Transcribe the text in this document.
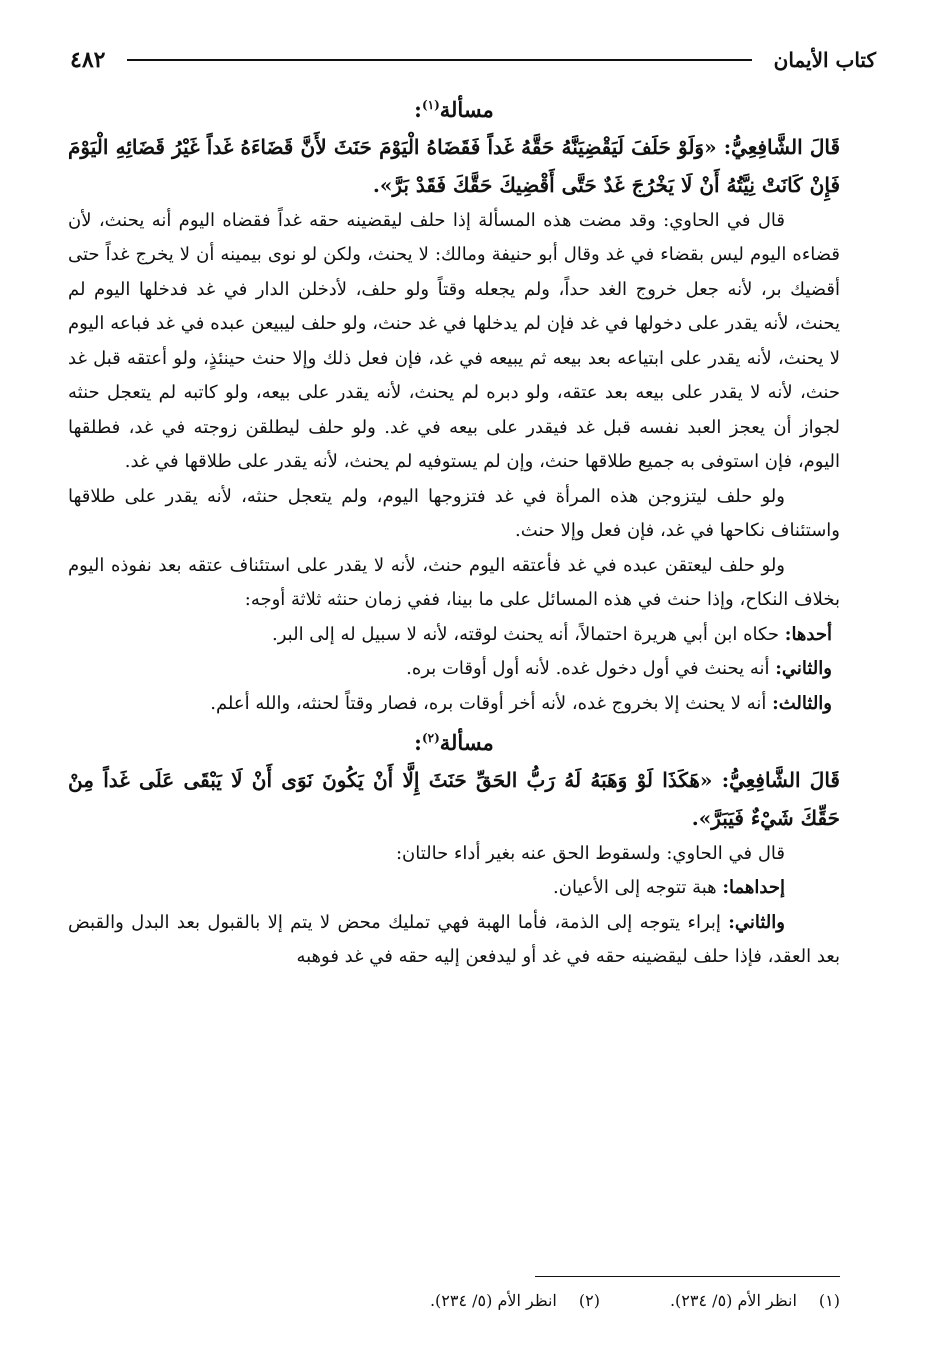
٤٨٢	كتاب الأيمان

مسألة$^{(١)}$:

قَالَ الشَّافِعِيُّ: «وَلَوْ حَلَفَ لَيَقْضِيَنَّهُ حَقَّهُ غَداً فَقَضَاهُ الْيَوْمَ حَنَثَ لأَنَّ قَضَاءَهُ غَداً غَيْرُ قَضَائِهِ الْيَوْمَ فَإِنْ كَانَتْ نِيَّتُهُ أَنْ لَا يَخْرُجَ غَدٌ حَتَّى أَقْضِيكَ حَقَّكَ فَقَدْ بَرَّ».

قال في الحاوي: وقد مضت هذه المسألة إذا حلف ليقضينه حقه غداً فقضاه اليوم أنه يحنث، لأن قضاءه اليوم ليس بقضاء في غد وقال أبو حنيفة ومالك: لا يحنث، ولكن لو نوى بيمينه أن لا يخرج غداً حتى أقضيك بر، لأنه جعل خروج الغد حداً، ولم يجعله وقتاً ولو حلف، لأدخلن الدار في غد فدخلها اليوم لم يحنث، لأنه يقدر على دخولها في غد فإن لم يدخلها في غد حنث، ولو حلف ليبيعن عبده في غد فباعه اليوم لا يحنث، لأنه يقدر على ابتياعه بعد بيعه ثم يبيعه في غد، فإن فعل ذلك وإلا حنث حينئذٍ، ولو أعتقه قبل غد حنث، لأنه لا يقدر على بيعه بعد عتقه، ولو دبره لم يحنث، لأنه يقدر على بيعه، ولو كاتبه لم يتعجل حنثه لجواز أن يعجز العبد نفسه قبل غد فيقدر على بيعه في غد. ولو حلف ليطلقن زوجته في غد، فطلقها اليوم، فإن استوفى به جميع طلاقها حنث، وإن لم يستوفيه لم يحنث، لأنه يقدر على طلاقها في غد.

ولو حلف ليتزوجن هذه المرأة في غد فتزوجها اليوم، ولم يتعجل حنثه، لأنه يقدر على طلاقها واستئناف نكاحها في غد، فإن فعل وإلا حنث.

ولو حلف ليعتقن عبده في غد فأعتقه اليوم حنث، لأنه لا يقدر على استئناف عتقه بعد نفوذه اليوم بخلاف النكاح، وإذا حنث في هذه المسائل على ما بينا، ففي زمان حنثه ثلاثة أوجه:

أحدها: حكاه ابن أبي هريرة احتمالاً، أنه يحنث لوقته، لأنه لا سبيل له إلى البر.

والثاني: أنه يحنث في أول دخول غده. لأنه أول أوقات بره.

والثالث: أنه لا يحنث إلا بخروج غده، لأنه أخر أوقات بره، فصار وقتاً لحنثه، والله أعلم.

مسألة$^{(٢)}$:

قَالَ الشَّافِعِيُّ: «هَكَذَا لَوْ وَهَبَهُ لَهُ رَبُّ الحَقِّ حَنَثَ إِلَّا أَنْ يَكُونَ نَوَى أَنْ لَا يَبْقَى عَلَى غَداً مِنْ حَقِّكَ شَيْءٌ فَيَبَرَّ».

قال في الحاوي: ولسقوط الحق عنه بغير أداء حالتان:

إحداهما: هبة تتوجه إلى الأعيان.

والثاني: إبراء يتوجه إلى الذمة، فأما الهبة فهي تمليك محض لا يتم إلا بالقبول بعد البدل والقبض بعد العقد، فإذا حلف ليقضينه حقه في غد أو ليدفعن إليه حقه في غد فوهبه

(١)انظر الأم (٥/ ٢٣٤).
(٢)انظر الأم (٥/ ٢٣٤).
